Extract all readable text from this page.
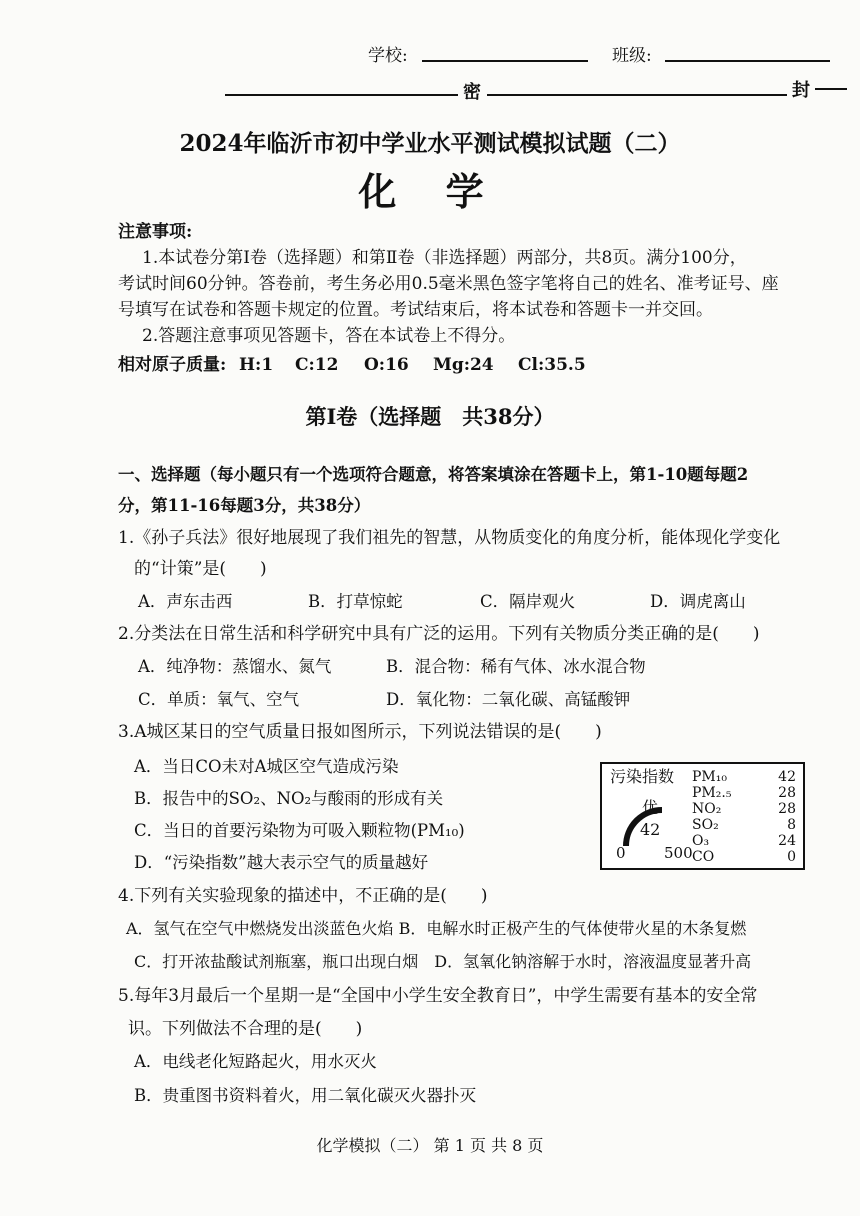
学校:	班级:
密	封
2024年临沂市初中学业水平测试模拟试题（二）
化 学
注意事项:
1.本试卷分第Ⅰ卷（选择题）和第Ⅱ卷（非选择题）两部分，共8页。满分100分，
考试时间60分钟。答卷前，考生务必用0.5毫米黑色签字笔将自己的姓名、准考证号、座
号填写在试卷和答题卡规定的位置。考试结束后，将本试卷和答题卡一并交回。
2.答题注意事项见答题卡，答在本试卷上不得分。
相对原子质量: H:1 C:12 O:16 Mg:24 Cl:35.5
第Ⅰ卷（选择题　共38分）
一、选择题（每小题只有一个选项符合题意，将答案填涂在答题卡上，第1-10题每题2
分，第11-16每题3分，共38分）
1.《孙子兵法》很好地展现了我们祖先的智慧，从物质变化的角度分析，能体现化学变化
的“计策”是(　　)
A．声东击西	B．打草惊蛇	C．隔岸观火	D．调虎离山
2.分类法在日常生活和科学研究中具有广泛的运用。下列有关物质分类正确的是(　　)
A．纯净物：蒸馏水、氮气	B．混合物：稀有气体、冰水混合物
C．单质：氧气、空气	D．氧化物：二氧化碳、高锰酸钾
3.A城区某日的空气质量日报如图所示，下列说法错误的是(　　)
A．当日CO未对A城区空气造成污染
B．报告中的SO₂、NO₂与酸雨的形成有关
C．当日的首要污染物为可吸入颗粒物(PM₁₀)
D．“污染指数”越大表示空气的质量越好
污染指数
优
42
0	500
PM₁₀	42
PM₂.₅	28
NO₂	28
SO₂	8
O₃	24
CO	0
4.下列有关实验现象的描述中，不正确的是(　　)
A．氢气在空气中燃烧发出淡蓝色火焰 B．电解水时正极产生的气体使带火星的木条复燃
C．打开浓盐酸试剂瓶塞，瓶口出现白烟　D．氢氧化钠溶解于水时，溶液温度显著升高
5.每年3月最后一个星期一是“全国中小学生安全教育日”，中学生需要有基本的安全常
识。下列做法不合理的是(　　)
A．电线老化短路起火，用水灭火
B．贵重图书资料着火，用二氧化碳灭火器扑灭
化学模拟（二） 第 1 页 共 8 页
